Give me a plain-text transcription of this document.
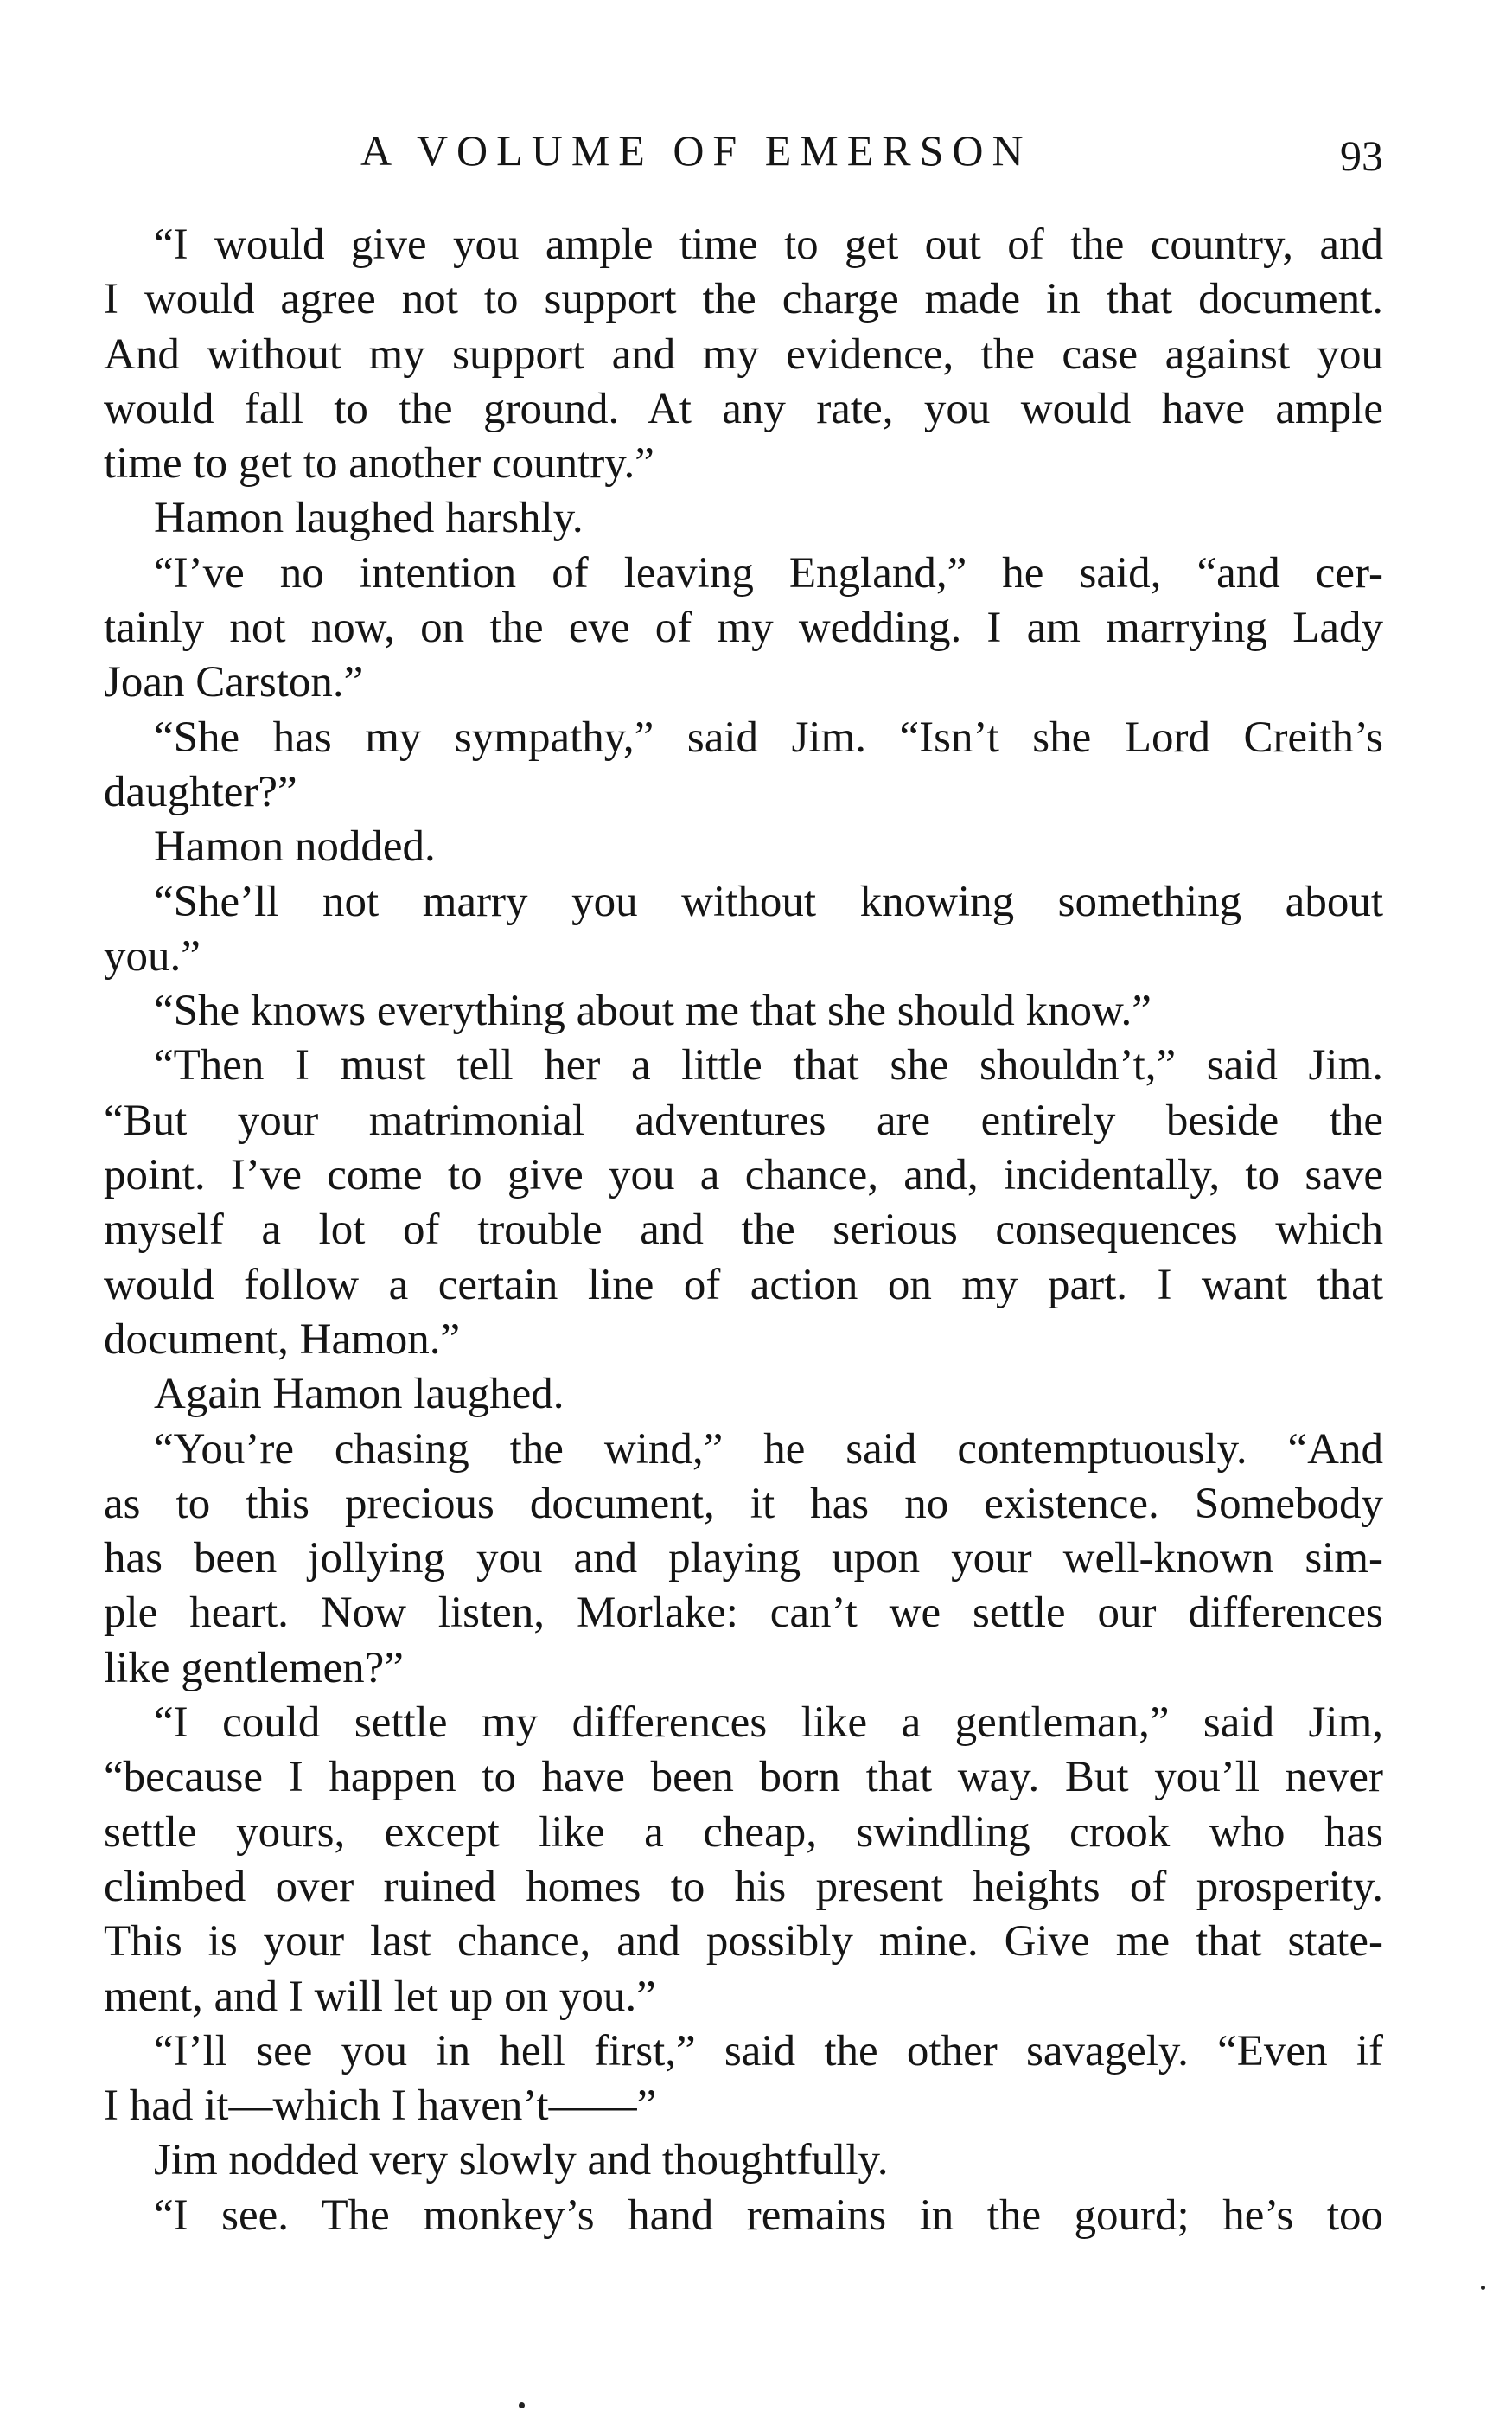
A VOLUME OF EMERSON	93
“I would give you ample time to get out of the country, and
I would agree not to support the charge made in that document.
And without my support and my evidence, the case against you
would fall to the ground. At any rate, you would have ample
time to get to another country.”
Hamon laughed harshly.
“I’ve no intention of leaving England,” he said, “and cer-
tainly not now, on the eve of my wedding. I am marrying Lady
Joan Carston.”
“She has my sympathy,” said Jim. “Isn’t she Lord Creith’s
daughter?”
Hamon nodded.
“She’ll not marry you without knowing something about
you.”
“She knows everything about me that she should know.”
“Then I must tell her a little that she shouldn’t,” said Jim.
“But your matrimonial adventures are entirely beside the
point. I’ve come to give you a chance, and, incidentally, to save
myself a lot of trouble and the serious consequences which
would follow a certain line of action on my part. I want that
document, Hamon.”
Again Hamon laughed.
“You’re chasing the wind,” he said contemptuously. “And
as to this precious document, it has no existence. Somebody
has been jollying you and playing upon your well-known sim-
ple heart. Now listen, Morlake: can’t we settle our differences
like gentlemen?”
“I could settle my differences like a gentleman,” said Jim,
“because I happen to have been born that way. But you’ll never
settle yours, except like a cheap, swindling crook who has
climbed over ruined homes to his present heights of prosperity.
This is your last chance, and possibly mine. Give me that state-
ment, and I will let up on you.”
“I’ll see you in hell first,” said the other savagely. “Even if
I had it—which I haven’t——”
Jim nodded very slowly and thoughtfully.
“I see. The monkey’s hand remains in the gourd; he’s too
